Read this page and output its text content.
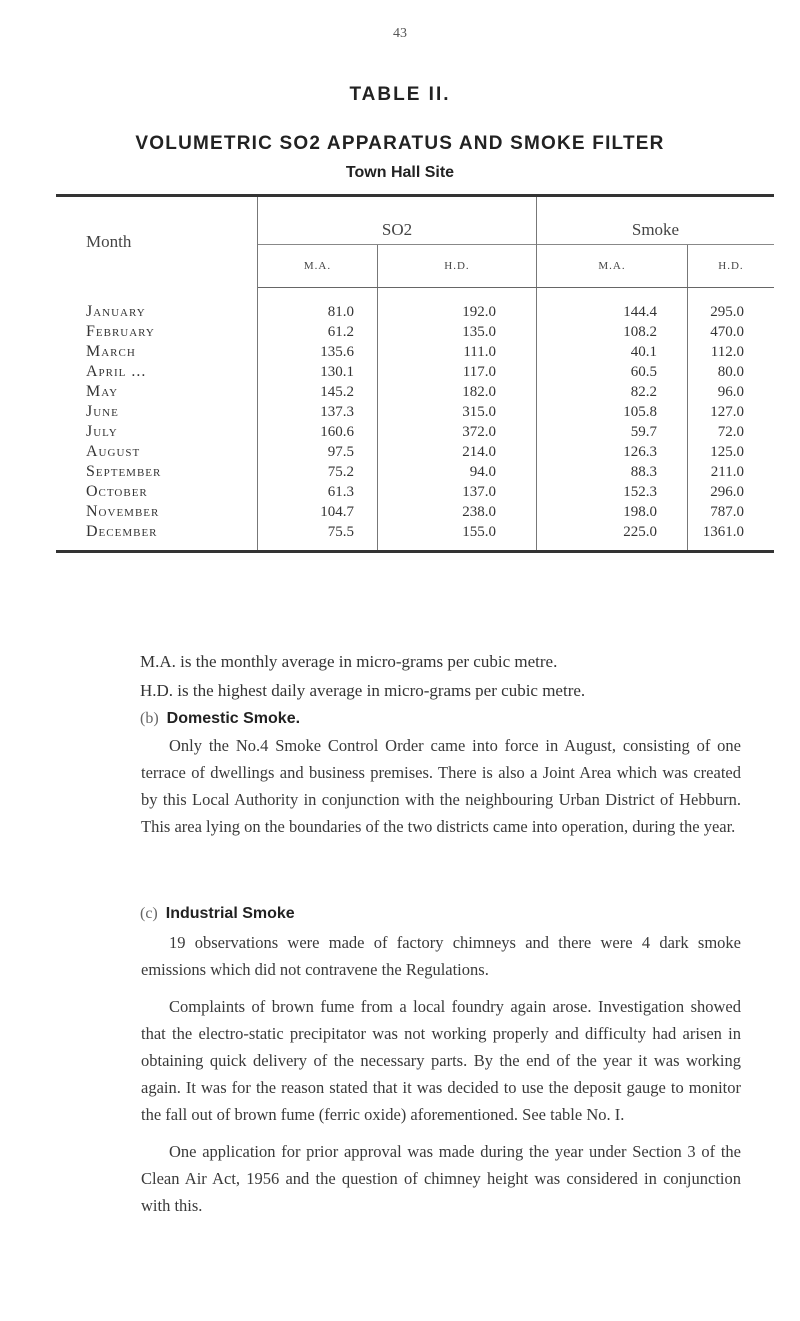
43
TABLE II.
VOLUMETRIC SO2 APPARATUS AND SMOKE FILTER
Town Hall Site
Month	SO2		Smoke	
	M.A.	H.D.	M.A.	H.D.
January	81.0	192.0	144.4	295.0
February	61.2	135.0	108.2	470.0
March	135.6	111.0	40.1	112.0
April ...	130.1	117.0	60.5	80.0
May	145.2	182.0	82.2	96.0
June	137.3	315.0	105.8	127.0
July	160.6	372.0	59.7	72.0
August	97.5	214.0	126.3	125.0
September	75.2	94.0	88.3	211.0
October	61.3	137.0	152.3	296.0
November	104.7	238.0	198.0	787.0
December	75.5	155.0	225.0	1361.0

M.A. is the monthly average in micro-grams per cubic metre.

H.D. is the highest daily average in micro-grams per cubic metre.

(b) Domestic Smoke.

Only the No.4 Smoke Control Order came into force in August, consisting of one terrace of dwellings and business premises. There is also a Joint Area which was created by this Local Authority in conjunction with the neighbouring Urban District of Hebburn. This area lying on the boundaries of the two districts came into operation, during the year.

(c) Industrial Smoke

19 observations were made of factory chimneys and there were 4 dark smoke emissions which did not contravene the Regulations.

Complaints of brown fume from a local foundry again arose. Investigation showed that the electro-static precipitator was not working properly and difficulty had arisen in obtaining quick delivery of the necessary parts. By the end of the year it was working again. It was for the reason stated that it was decided to use the deposit gauge to monitor the fall out of brown fume (ferric oxide) aforementioned. See table No. I.

One application for prior approval was made during the year under Section 3 of the Clean Air Act, 1956 and the question of chimney height was considered in conjunction with this.
